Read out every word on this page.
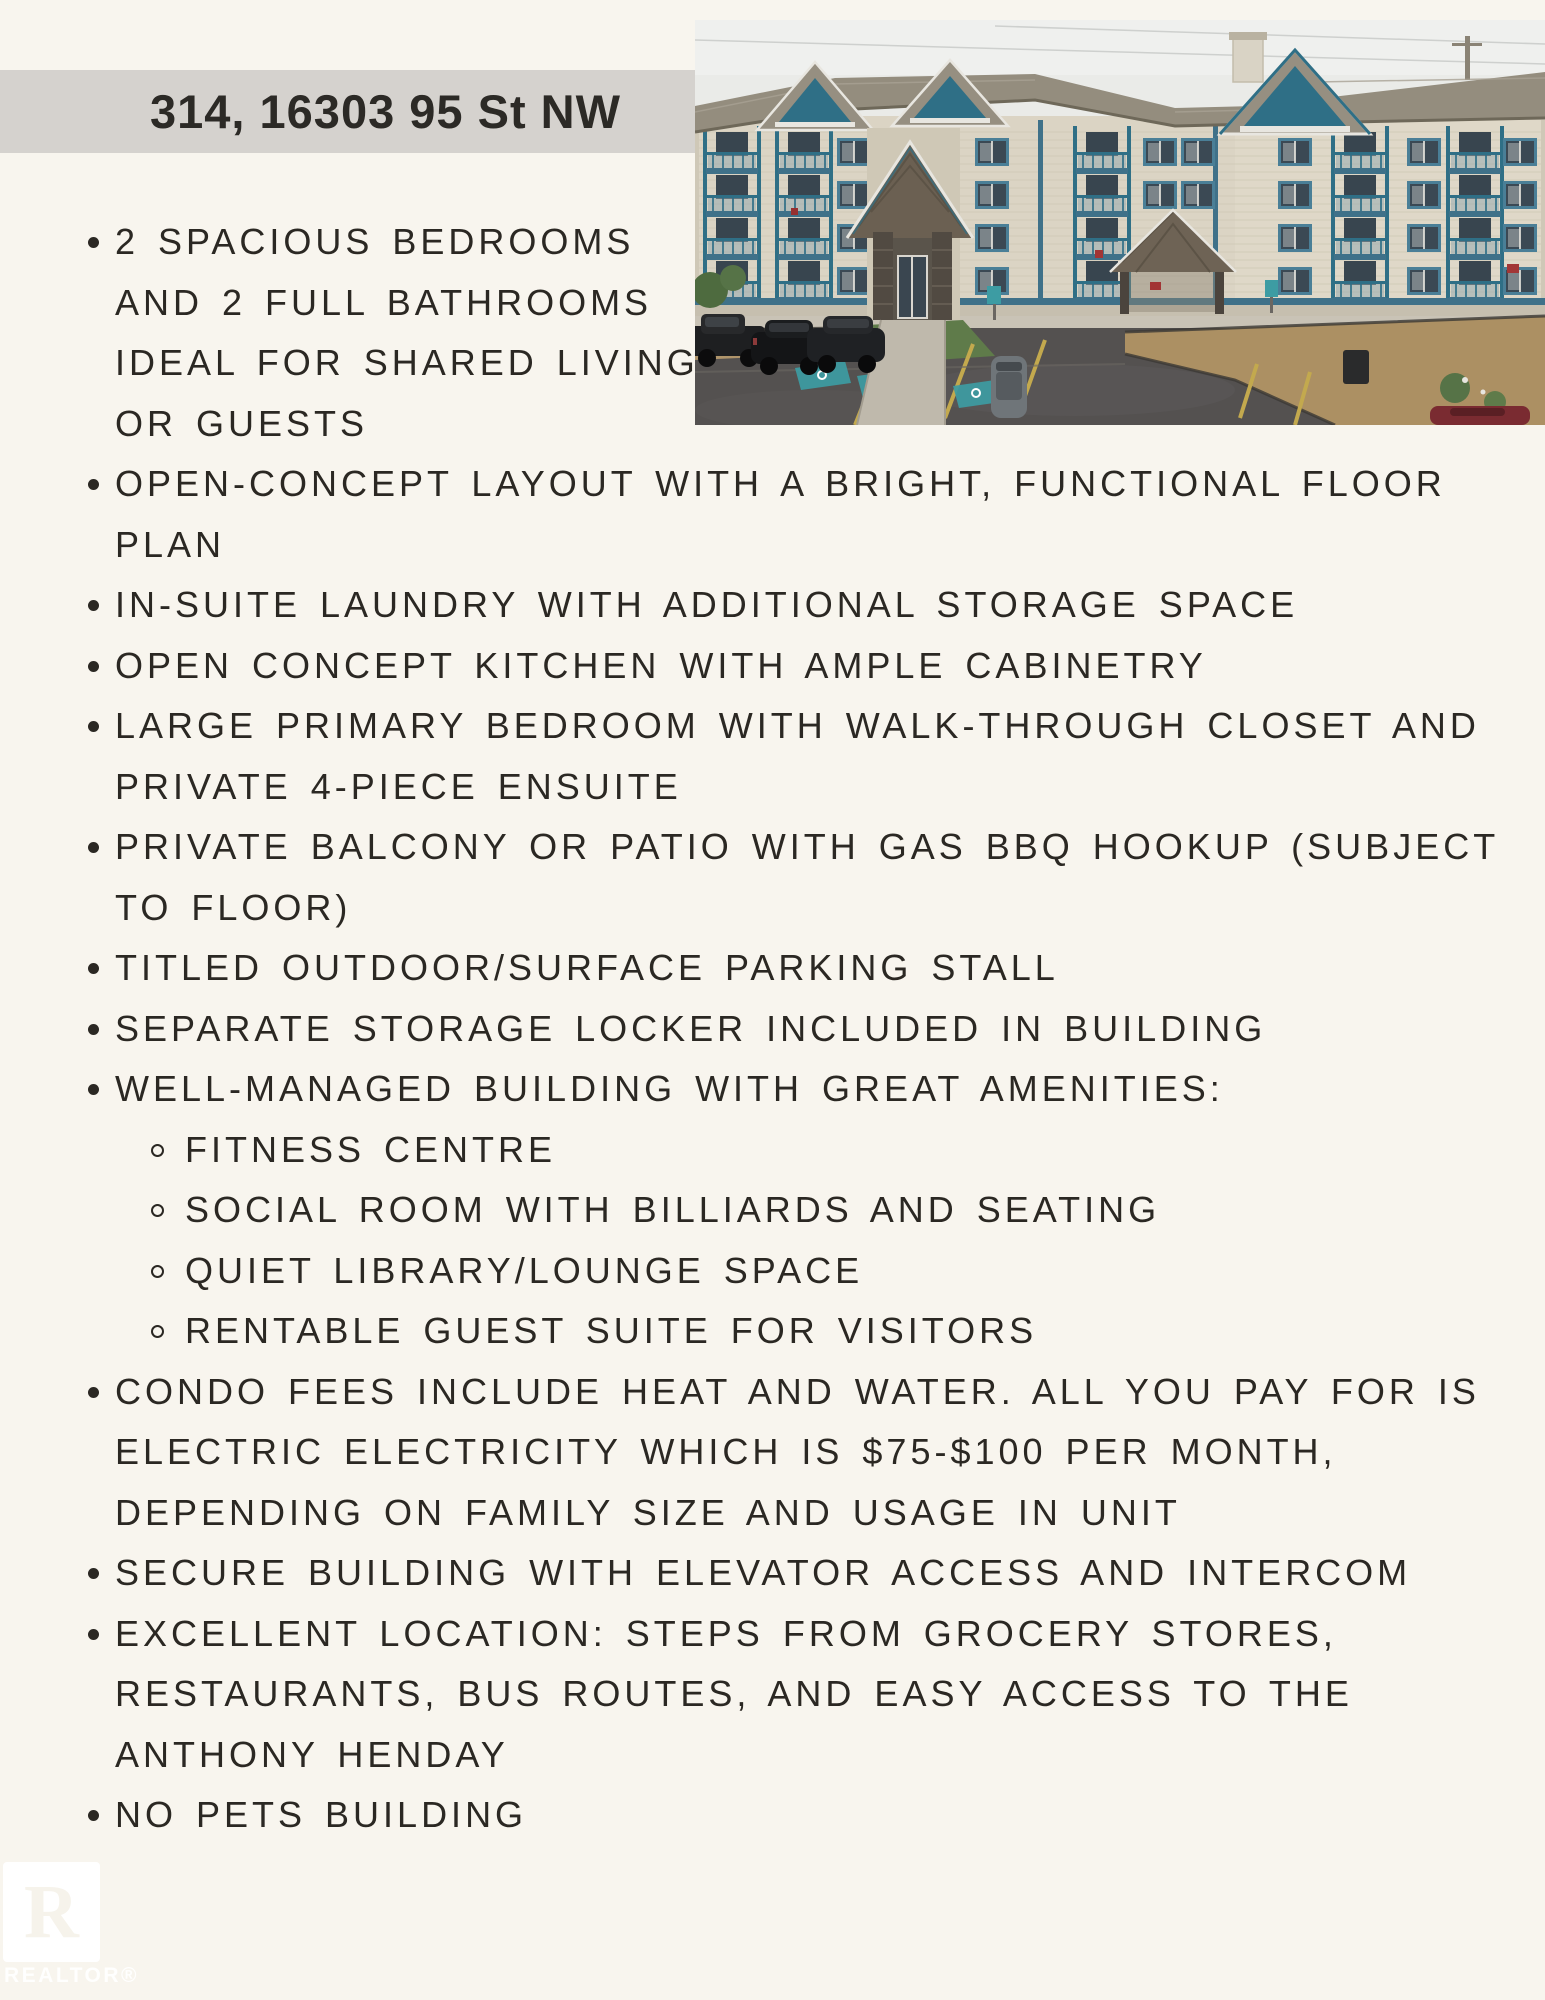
314, 16303 95 St NW
2 SPACIOUS BEDROOMS
AND 2 FULL BATHROOMS
IDEAL FOR SHARED LIVING
OR GUESTS
OPEN-CONCEPT LAYOUT WITH A BRIGHT, FUNCTIONAL FLOOR
PLAN
IN-SUITE LAUNDRY WITH ADDITIONAL STORAGE SPACE
OPEN CONCEPT KITCHEN WITH AMPLE CABINETRY
LARGE PRIMARY BEDROOM WITH WALK-THROUGH CLOSET AND
PRIVATE 4-PIECE ENSUITE
PRIVATE BALCONY OR PATIO WITH GAS BBQ HOOKUP (SUBJECT
TO FLOOR)
TITLED OUTDOOR/SURFACE PARKING STALL
SEPARATE STORAGE LOCKER INCLUDED IN BUILDING
WELL-MANAGED BUILDING WITH GREAT AMENITIES:
FITNESS CENTRE
SOCIAL ROOM WITH BILLIARDS AND SEATING
QUIET LIBRARY/LOUNGE SPACE
RENTABLE GUEST SUITE FOR VISITORS
CONDO FEES INCLUDE HEAT AND WATER. ALL YOU PAY FOR IS
ELECTRIC ELECTRICITY WHICH IS $75-$100 PER MONTH,
DEPENDING ON FAMILY SIZE AND USAGE IN UNIT
SECURE BUILDING WITH ELEVATOR ACCESS AND INTERCOM
EXCELLENT LOCATION: STEPS FROM GROCERY STORES,
RESTAURANTS, BUS ROUTES, AND EASY ACCESS TO THE
ANTHONY HENDAY
NO PETS BUILDING
R
REALTOR®
